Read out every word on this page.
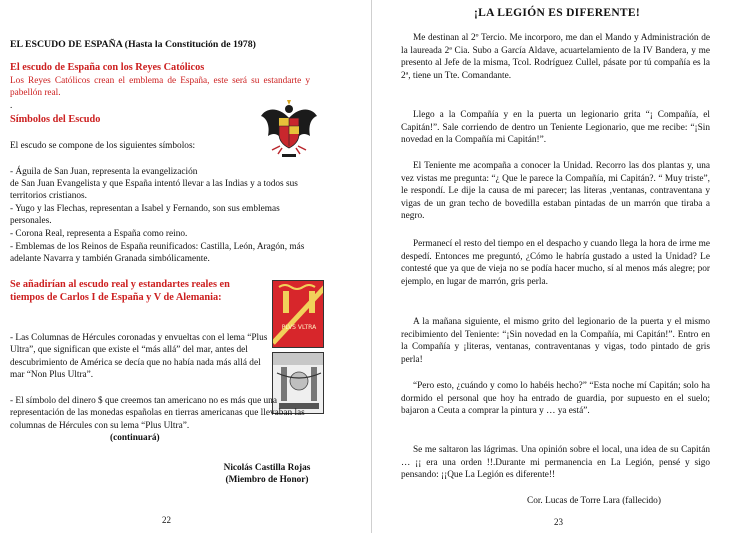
EL ESCUDO DE ESPAÑA (Hasta la Constitución de 1978)
El escudo de España con los Reyes Católicos
Los Reyes Católicos crean el emblema de España, este será su estandarte y pabellón real.
.
Símbolos del Escudo
El escudo se compone de los siguientes símbolos:
- Águila de San Juan, representa la evangelización
de San Juan Evangelista y que España intentó llevar a las Indias y a todos sus territorios cristianos.
- Yugo y las Flechas, representan a Isabel y Fernando, son sus emblemas personales.
- Corona Real, representa a España como reino.
- Emblemas de los Reinos de España reunificados: Castilla, León, Aragón, más adelante Navarra y también Granada simbólicamente.
Se añadirían al escudo real y estandartes reales en tiempos de Carlos I de España y V de Alemania:
PLVS VLTRA
- Las Columnas de Hércules coronadas y envueltas con el lema “Plus Ultra”, que significan que existe el “más allá” del mar, antes del descubrimiento de América se decía que no había nada más allá del mar “Non Plus Ultra”.
- El símbolo del dinero $ que creemos tan americano no es más que una representación de las monedas españolas en tierras americanas que llevaban las columnas de Hércules con su lema “Plus Ultra”.
(continuará)
Nicolás Castilla Rojas
(Miembro de Honor)
22
¡LA LEGIÓN ES DIFERENTE!
Me destinan al 2º Tercio. Me incorporo, me dan el Mando y Administración de la laureada 2ª Cia. Subo a García Aldave, acuartelamiento de la IV Bandera, y me presento al Jefe de la misma, Tcol. Rodríguez Cullel, pásate por tú compañía es la 2ª, tiene un Tte. Comandante.
Llego a la Compañía y en la puerta un legionario grita “¡ Compañía, el Capitán!”. Sale corriendo de dentro un Teniente Legionario, que me recibe: “¡Sin novedad en la Compañía mi Capitán!”.
El Teniente me acompaña a conocer la Unidad. Recorro las dos plantas y, una vez vistas me pregunta: “¿ Que le parece la Compañía, mi Capitán?. “ Muy triste”, le respondí. Le dije la causa de mi parecer; las literas ,ventanas, contraventana y vigas de un gran techo de bovedilla estaban pintadas de un marrón que tiraba a negro.
Permanecí el resto del tiempo en el despacho y cuando llega la hora de irme me despedí. Entonces me preguntó, ¿Cómo le habría gustado a usted la Unidad? Le contesté que ya que de vieja no se podía hacer mucho, sí al menos más alegre; por ejemplo, en lugar de marrón, gris perla.
A la mañana siguiente, el mismo grito del legionario de la puerta y el mismo recibimiento del Teniente: “¡Sin novedad en la Compañía, mi Capitán!”. Entro en la Compañía y ¡literas, ventanas, contraventanas y vigas, todo pintado de gris perla!
“Pero esto, ¿cuándo y como lo habéis hecho?” “Esta noche mí Capitán; solo ha dormido el personal que hoy ha entrado de guardia, por supuesto en el suelo; bajaron a Ceuta a comprar la pintura y … ya está”.
Se me saltaron las lágrimas. Una opinión sobre el local, una idea de su Capitán … ¡¡ era una orden !!.Durante mi permanencia en La Legión, pensé y sigo pensando: ¡¡Que La Legión es diferente!!
Cor. Lucas de Torre Lara (fallecido)
23
